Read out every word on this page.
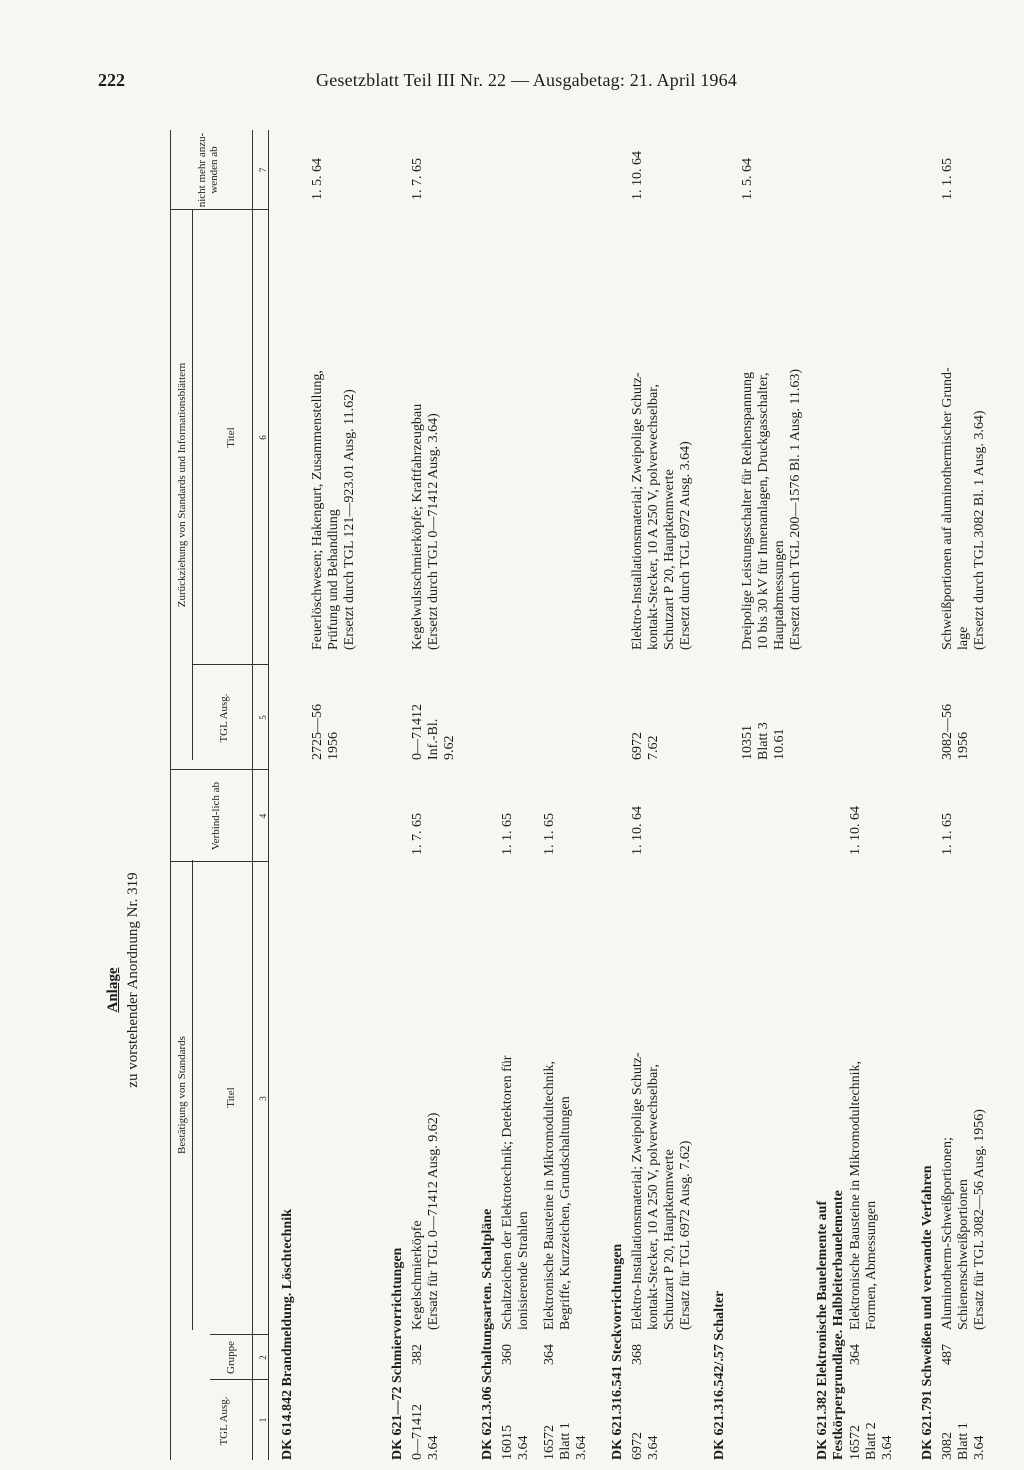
222	Gesetzblatt Teil III Nr. 22 — Ausgabetag: 21. April 1964
Anlage zu vorstehender Anordnung Nr. 319
Bestätigung von Standards
Zurückziehung von Standards und Informationsblättern
TGL Ausg.
Gruppe
Titel
Verbind-lich ab
TGL Ausg.
Titel
nicht mehr anzu-wenden ab
1
2
3
4
5
6
7
DK 614.842 Brandmeldung. Löschtechnik
2725—56
1956
Feuerlöschwesen; Hakengurt, Zusammenstellung,
Prüfung und Behandlung
(Ersetzt durch TGL 121—923.01 Ausg. 11.62)
1. 5. 64
DK 621—72 Schmiervorrichtungen 0—71412
3.64
382
Kegelschmierköpfe
(Ersatz für TGL 0—71412 Ausg. 9.62)
1. 7. 65
0—71412
Inf.-Bl.
9.62
Kegelwulstschmierköpfe; Kraftfahrzeugbau
(Ersetzt durch TGL 0—71412 Ausg. 3.64)
1. 7. 65
DK 621.3.06 Schaltungsarten. Schaltpläne 16015
3.64
360
Schaltzeichen der Elektrotechnik; Detektoren für
ionisierende Strahlen
1. 1. 65
16572
Blatt 1
3.64
364
Elektronische Bausteine in Mikromodultechnik,
Begriffe, Kurzzeichen, Grundschaltungen
1. 1. 65
DK 621.316.541 Steckvorrichtungen 6972
3.64
368
Elektro-Installationsmaterial; Zweipolige Schutz-
kontakt-Stecker, 10 A 250 V, polverwechselbar,
Schutzart P 20, Hauptkennwerte
(Ersatz für TGL 6972 Ausg. 7.62)
1. 10. 64
6972
7.62
Elektro-Installationsmaterial; Zweipolige Schutz-
kontakt-Stecker, 10 A 250 V, polverwechselbar,
Schutzart P 20, Hauptkennwerte
(Ersetzt durch TGL 6972 Ausg. 3.64)
1. 10. 64
DK 621.316.542/.57 Schalter
10351
Blatt 3
10.61
Dreipolige Leistungsschalter für Reihenspannung
10 bis 30 kV für Innenanlagen, Druckgasschalter,
Hauptabmessungen
(Ersetzt durch TGL 200—1576 Bl. 1 Ausg. 11.63)
1. 5. 64
DK 621.382 Elektronische Bauelemente auf
Festkörpergrundlage. Halbleiterbauelemente
16572
Blatt 2
3.64
364
Elektronische Bausteine in Mikromodultechnik,
Formen, Abmessungen
1. 10. 64
DK 621.791 Schweißen und verwandte Verfahren 3082
Blatt 1
3.64
487
Aluminotherm-Schweißportionen;
Schienenschweißportionen
(Ersatz für TGL 3082—56 Ausg. 1956)
1. 1. 65
3082—56
1956
Schweißportionen auf aluminothermischer Grund-
lage
(Ersetzt durch TGL 3082 Bl. 1 Ausg. 3.64)
1. 1. 65
